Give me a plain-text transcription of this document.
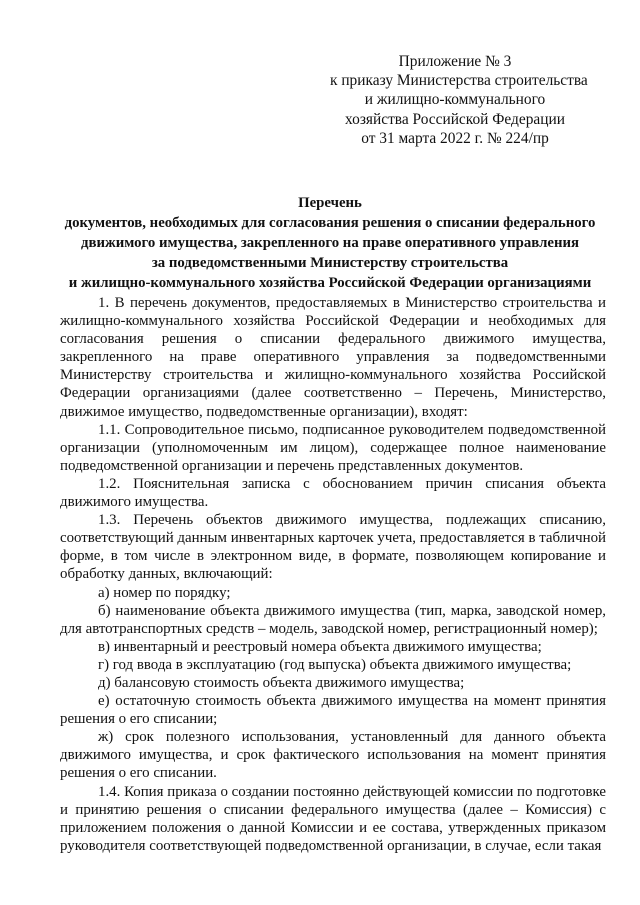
Приложение № 3
к приказу Министерства строительства
и жилищно-коммунального
хозяйства Российской Федерации
от 31 марта 2022 г. № 224/пр
Перечень
документов, необходимых для согласования решения о списании федерального
движимого имущества, закрепленного на праве оперативного управления
за подведомственными Министерству строительства
и жилищно-коммунального хозяйства Российской Федерации организациями

1. В перечень документов, предоставляемых в Министерство строительства и жилищно-коммунального хозяйства Российской Федерации и необходимых для согласования решения о списании федерального движимого имущества, закрепленного на праве оперативного управления за подведомственными Министерству строительства и жилищно-коммунального хозяйства Российской Федерации организациями (далее соответственно – Перечень, Министерство, движимое имущество, подведомственные организации), входят:

1.1. Сопроводительное письмо, подписанное руководителем подведомственной организации (уполномоченным им лицом), содержащее полное наименование подведомственной организации и перечень представленных документов.

1.2. Пояснительная записка с обоснованием причин списания объекта движимого имущества.

1.3. Перечень объектов движимого имущества, подлежащих списанию, соответствующий данным инвентарных карточек учета, предоставляется в табличной форме, в том числе в электронном виде, в формате, позволяющем копирование и обработку данных, включающий:

а) номер по порядку;

б) наименование объекта движимого имущества (тип, марка, заводской номер, для автотранспортных средств – модель, заводской номер, регистрационный номер);

в) инвентарный и реестровый номера объекта движимого имущества;

г) год ввода в эксплуатацию (год выпуска) объекта движимого имущества;

д) балансовую стоимость объекта движимого имущества;

е) остаточную стоимость объекта движимого имущества на момент принятия решения о его списании;

ж) срок полезного использования, установленный для данного объекта движимого имущества, и срок фактического использования на момент принятия решения о его списании.

1.4. Копия приказа о создании постоянно действующей комиссии по подготовке и принятию решения о списании федерального имущества (далее – Комиссия) с приложением положения о данной Комиссии и ее состава, утвержденных приказом руководителя соответствующей подведомственной организации, в случае, если такая
